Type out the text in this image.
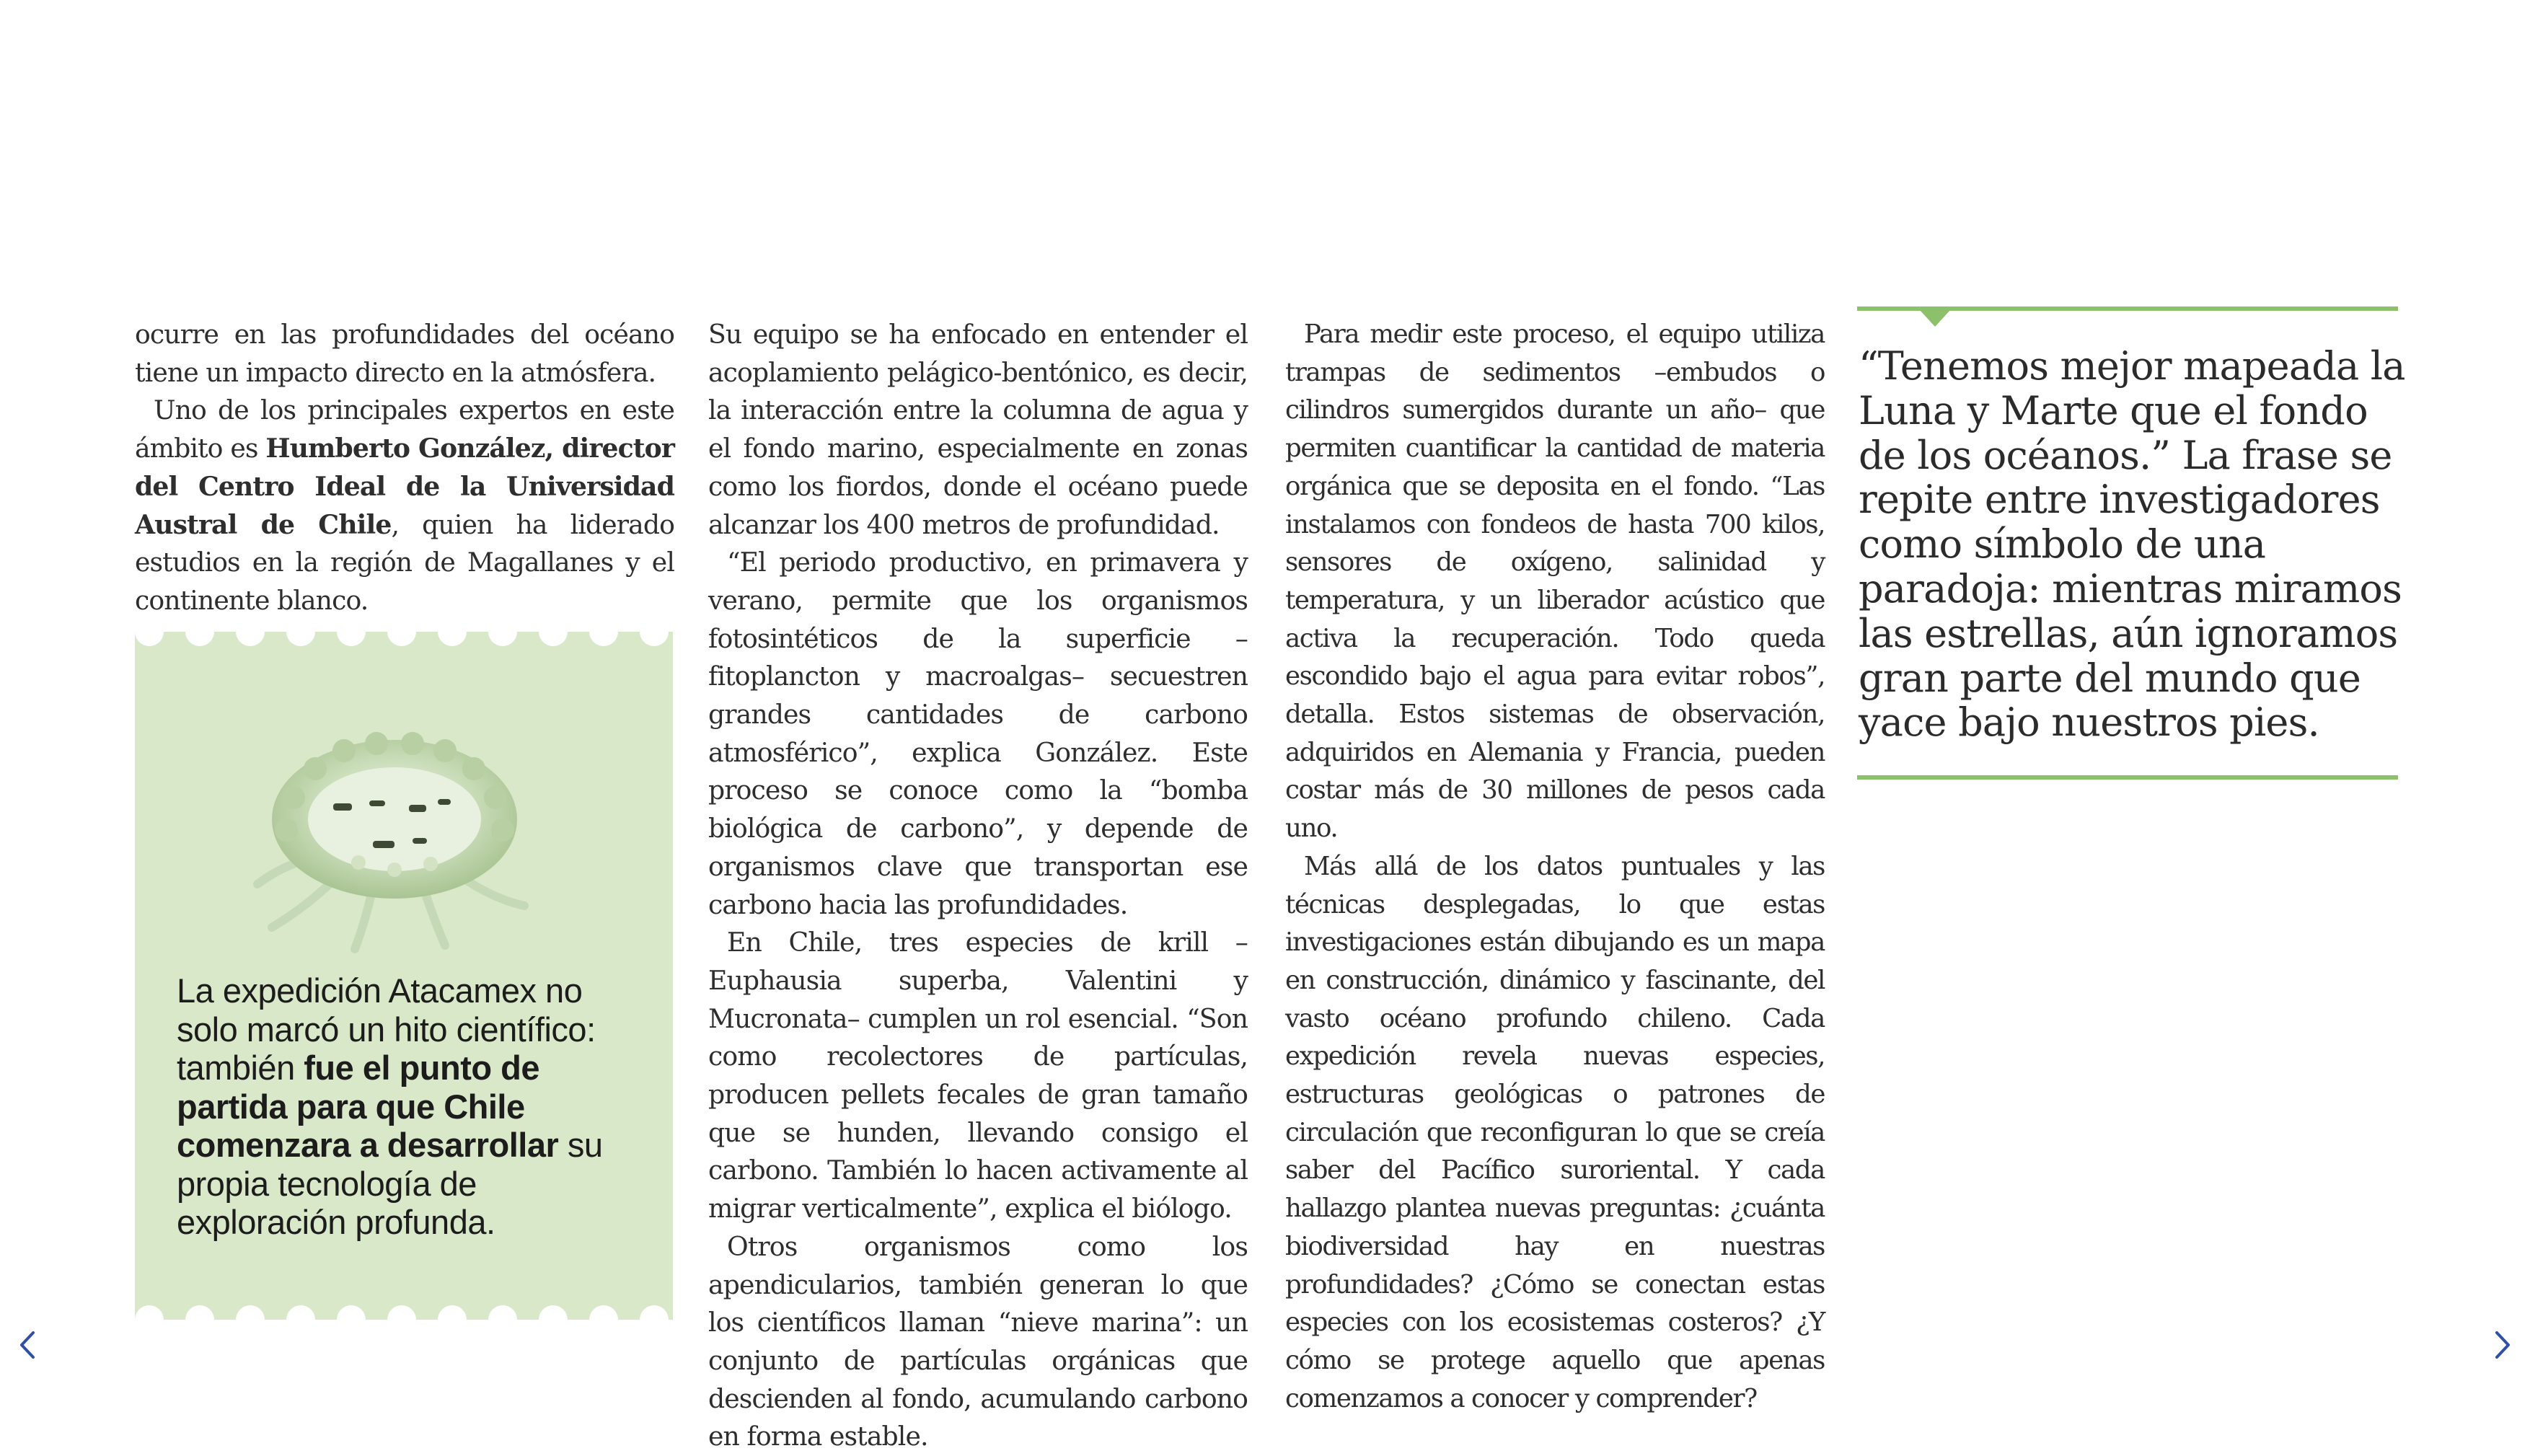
ocurre en las profundidades del océano tiene un impacto directo en la atmósfera.

Uno de los principales expertos en este ámbito es Humberto González, director del Centro Ideal de la Universidad Austral de Chile, quien ha liderado estudios en la región de Magallanes y el continente blanco.

La expedición Atacamex no solo marcó un hito científico: también fue el punto de partida para que Chile comenzara a desarrollar su propia tecnología de exploración profunda.

Su equipo se ha enfocado en entender el acoplamiento pelágico-bentónico, es decir, la interacción entre la columna de agua y el fondo marino, especialmente en zonas como los fiordos, donde el océano puede alcanzar los 400 metros de profundidad.

“El periodo productivo, en primavera y verano, permite que los organismos fotosintéticos de la superficie –fitoplancton y macroalgas– secuestren grandes cantidades de carbono atmosférico”, explica González. Este proceso se conoce como la “bomba biológica de carbono”, y depende de organismos clave que transportan ese carbono hacia las profundidades.

En Chile, tres especies de krill –Euphausia superba, Valentini y Mucronata– cumplen un rol esencial. “Son como recolectores de partículas, producen pellets fecales de gran tamaño que se hunden, llevando consigo el carbono. También lo hacen activamente al migrar verticalmente”, explica el biólogo.

Otros organismos como los apendicularios, también generan lo que los científicos llaman “nieve marina”: un conjunto de partículas orgánicas que descienden al fondo, acumulando carbono en forma estable.

Para medir este proceso, el equipo utiliza trampas de sedimentos –embudos o cilindros sumergidos durante un año– que permiten cuantificar la cantidad de materia orgánica que se deposita en el fondo. “Las instalamos con fondeos de hasta 700 kilos, sensores de oxígeno, salinidad y temperatura, y un liberador acústico que activa la recuperación. Todo queda escondido bajo el agua para evitar robos”, detalla. Estos sistemas de observación, adquiridos en Alemania y Francia, pueden costar más de 30 millones de pesos cada uno.

Más allá de los datos puntuales y las técnicas desplegadas, lo que estas investigaciones están dibujando es un mapa en construcción, dinámico y fascinante, del vasto océano profundo chileno. Cada expedición revela nuevas especies, estructuras geológicas o patrones de circulación que reconfiguran lo que se creía saber del Pacífico suroriental. Y cada hallazgo plantea nuevas preguntas: ¿cuánta biodiversidad hay en nuestras profundidades? ¿Cómo se conectan estas especies con los ecosistemas costeros? ¿Y cómo se protege aquello que apenas comenzamos a conocer y comprender?

“Tenemos mejor mapeada la Luna y Marte que el fondo de los océanos.” La frase se repite entre investigadores como símbolo de una paradoja: mientras miramos las estrellas, aún ignoramos gran parte del mundo que yace bajo nuestros pies.
